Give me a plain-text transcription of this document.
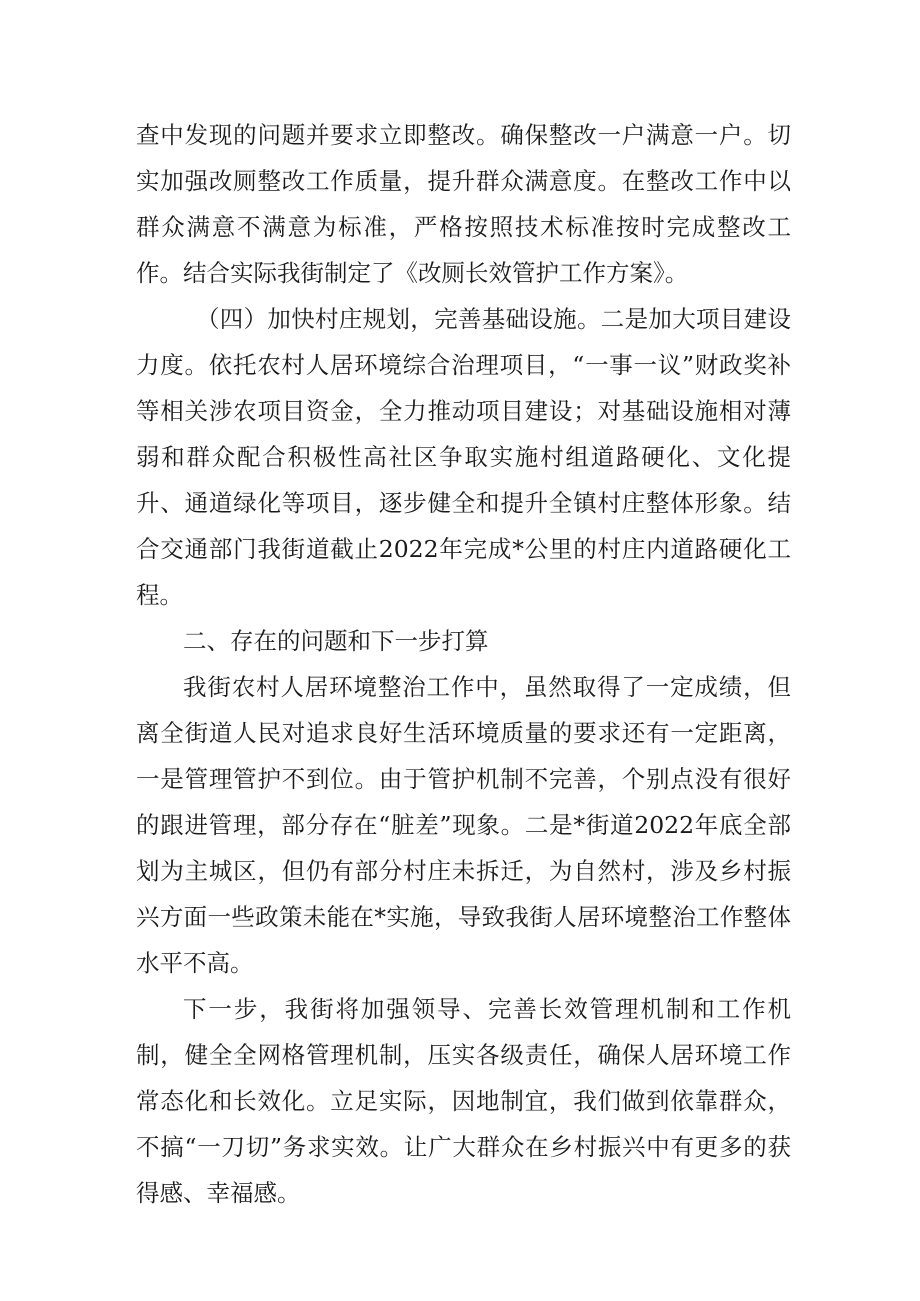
查中发现的问题并要求立即整改。确保整改一户满意一户。切实加强改厕整改工作质量，提升群众满意度。在整改工作中以群众满意不满意为标准，严格按照技术标准按时完成整改工作。结合实际我街制定了《改厕长效管护工作方案》。

（四）加快村庄规划，完善基础设施。二是加大项目建设力度。依托农村人居环境综合治理项目，“一事一议”财政奖补等相关涉农项目资金，全力推动项目建设；对基础设施相对薄弱和群众配合积极性高社区争取实施村组道路硬化、文化提升、通道绿化等项目，逐步健全和提升全镇村庄整体形象。结合交通部门我街道截止2022年完成*公里的村庄内道路硬化工程。

二、存在的问题和下一步打算

我街农村人居环境整治工作中，虽然取得了一定成绩，但离全街道人民对追求良好生活环境质量的要求还有一定距离，一是管理管护不到位。由于管护机制不完善，个别点没有很好的跟进管理，部分存在“脏差”现象。二是*街道2022年底全部划为主城区，但仍有部分村庄未拆迁，为自然村，涉及乡村振兴方面一些政策未能在*实施，导致我街人居环境整治工作整体水平不高。

下一步，我街将加强领导、完善长效管理机制和工作机制，健全全网格管理机制，压实各级责任，确保人居环境工作常态化和长效化。立足实际，因地制宜，我们做到依靠群众，不搞“一刀切”务求实效。让广大群众在乡村振兴中有更多的获得感、幸福感。
